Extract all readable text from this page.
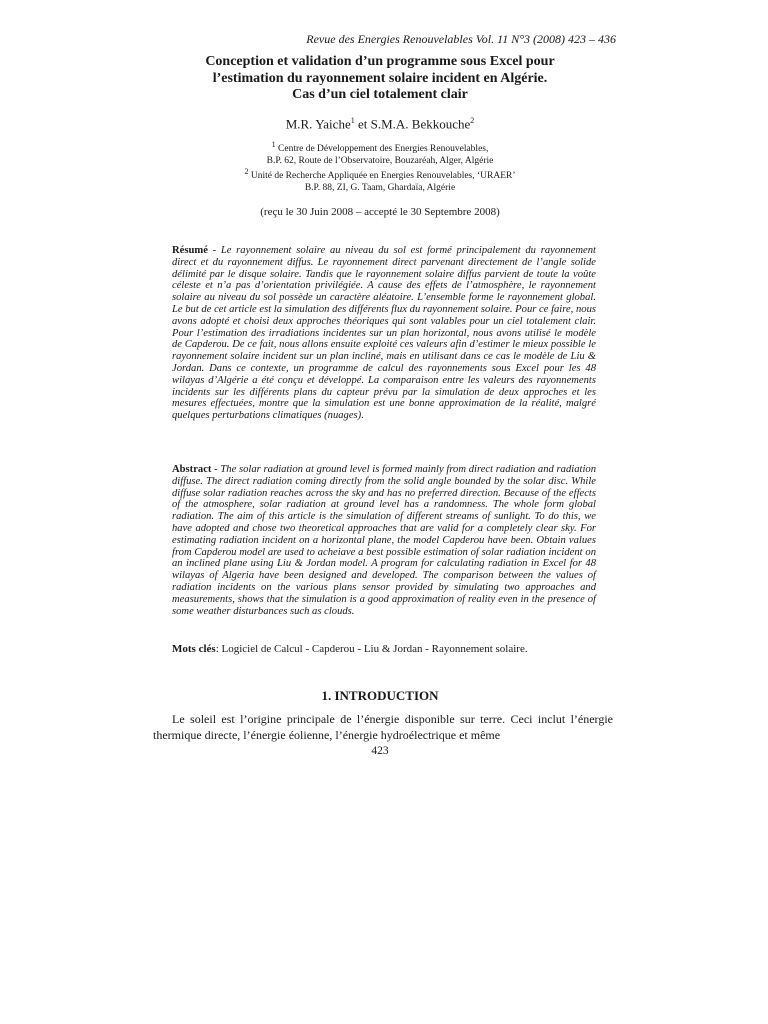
Revue des Energies Renouvelables Vol. 11 N°3 (2008) 423 – 436
Conception et validation d’un programme sous Excel pour
l’estimation du rayonnement solaire incident en Algérie.
Cas d’un ciel totalement clair
M.R. Yaiche$^1$ et S.M.A. Bekkouche$^2$
$^1$ Centre de Développement des Energies Renouvelables,
B.P. 62, Route de l’Observatoire, Bouzaréah, Alger, Algérie
$^2$ Unité de Recherche Appliquée en Energies Renouvelables, ‘URAER’
B.P. 88, ZI, G. Taam, Ghardaïa, Algérie
(reçu le 30 Juin 2008 – accepté le 30 Septembre 2008)
Résumé - Le rayonnement solaire au niveau du sol est formé principalement du rayonnement direct et du rayonnement diffus. Le rayonnement direct parvenant directement de l’angle solide délimité par le disque solaire. Tandis que le rayonnement solaire diffus parvient de toute la voûte céleste et n’a pas d’orientation privilégiée. A cause des effets de l’atmosphère, le rayonnement solaire au niveau du sol possède un caractère aléatoire. L’ensemble forme le rayonnement global. Le but de cet article est la simulation des différents flux du rayonnement solaire. Pour ce faire, nous avons adopté et choisi deux approches théoriques qui sont valables pour un ciel totalement clair. Pour l’estimation des irradiations incidentes sur un plan horizontal, nous avons utilisé le modèle de Capderou. De ce fait, nous allons ensuite exploité ces valeurs afin d’estimer le mieux possible le rayonnement solaire incident sur un plan incliné, mais en utilisant dans ce cas le modèle de Liu & Jordan. Dans ce contexte, un programme de calcul des rayonnements sous Excel pour les 48 wilayas d’Algérie a été conçu et développé. La comparaison entre les valeurs des rayonnements incidents sur les différents plans du capteur prévu par la simulation de deux approches et les mesures effectuées, montre que la simulation est une bonne approximation de la réalité, malgré quelques perturbations climatiques (nuages).
Abstract - The solar radiation at ground level is formed mainly from direct radiation and radiation diffuse. The direct radiation coming directly from the solid angle bounded by the solar disc. While diffuse solar radiation reaches across the sky and has no preferred direction. Because of the effects of the atmosphere, solar radiation at ground level has a randomness. The whole form global radiation. The aim of this article is the simulation of different streams of sunlight. To do this, we have adopted and chose two theoretical approaches that are valid for a completely clear sky. For estimating radiation incident on a horizontal plane, the model Capderou have been. Obtain values from Capderou model are used to acheiave a best possible estimation of solar radiation incident on an inclined plane using Liu & Jordan model. A program for calculating radiation in Excel for 48 wilayas of Algeria have been designed and developed. The comparison between the values of radiation incidents on the various plans sensor provided by simulating two approaches and measurements, shows that the simulation is a good approximation of reality even in the presence of some weather disturbances such as clouds.
Mots clés: Logiciel de Calcul - Capderou - Liu & Jordan - Rayonnement solaire.
1. INTRODUCTION
Le soleil est l’origine principale de l’énergie disponible sur terre. Ceci inclut l’énergie thermique directe, l’énergie éolienne, l’énergie hydroélectrique et même
423
